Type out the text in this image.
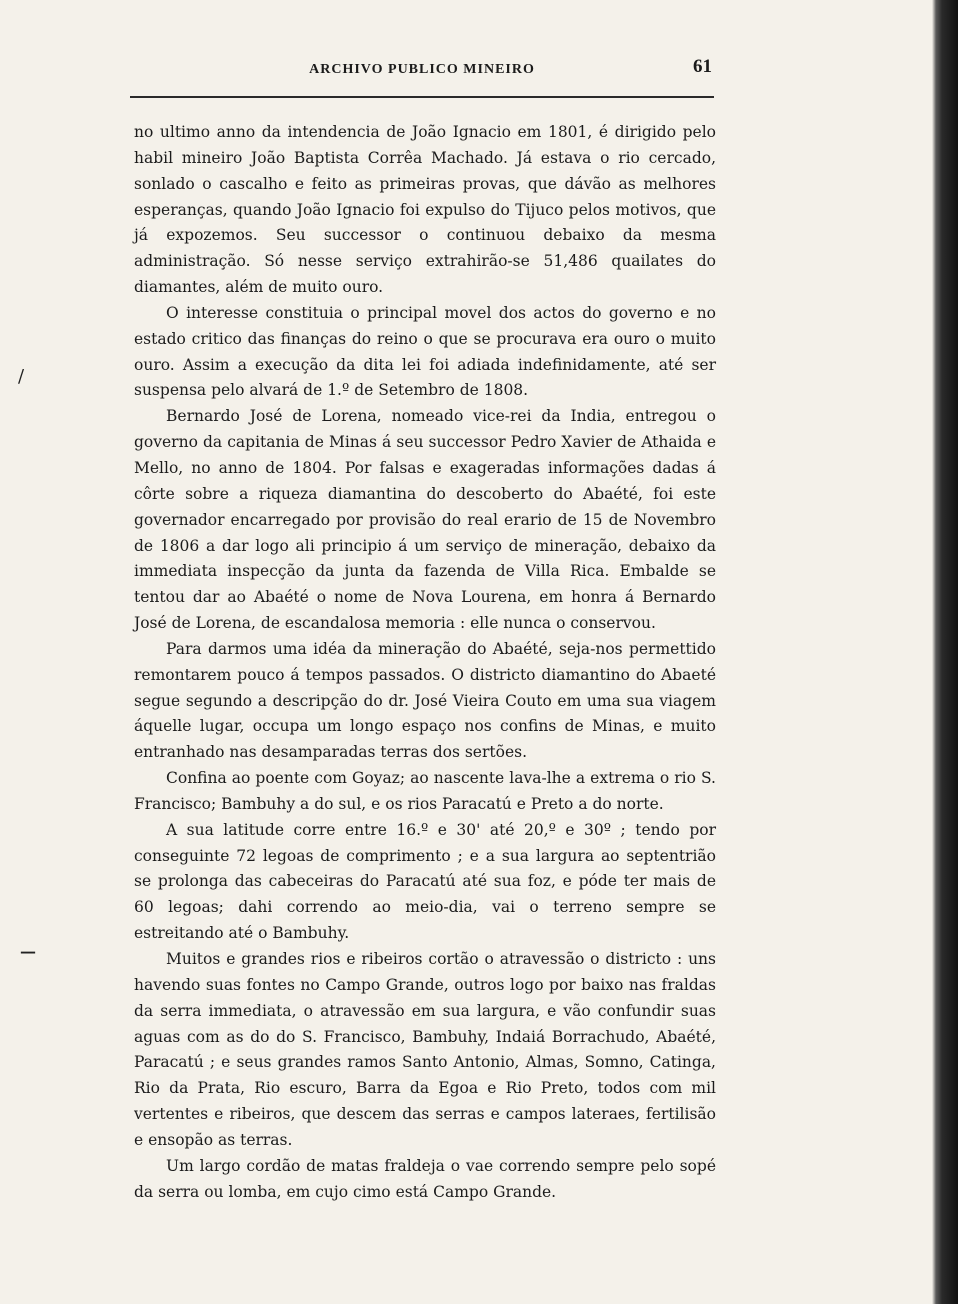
/
—
ARCHIVO PUBLICO MINEIRO	61

no ultimo anno da intendencia de João Ignacio em 1801, é dirigido pelo habil mineiro João Baptista Corrêa Machado. Já estava o rio cercado, sonlado o cascalho e feito as primeiras provas, que dávão as melhores esperanças, quando João Ignacio foi expulso do Tijuco pelos motivos, que já expozemos. Seu successor o continuou debaixo da mesma administração. Só nesse serviço extrahirão-se 51,486 quailates do diamantes, além de muito ouro.

O interesse constituia o principal movel dos actos do governo e no estado critico das finanças do reino o que se procurava era ouro o muito ouro. Assim a execução da dita lei foi adiada indefinidamente, até ser suspensa pelo alvará de 1.º de Setembro de 1808.

Bernardo José de Lorena, nomeado vice-rei da India, entregou o governo da capitania de Minas á seu successor Pedro Xavier de Athaida e Mello, no anno de 1804. Por falsas e exageradas informações dadas á côrte sobre a riqueza diamantina do descoberto do Abaété, foi este governador encarregado por provisão do real erario de 15 de Novembro de 1806 a dar logo ali principio á um serviço de mineração, debaixo da immediata inspecção da junta da fazenda de Villa Rica. Embalde se tentou dar ao Abaété o nome de Nova Lourena, em honra á Bernardo José de Lorena, de escandalosa memoria : elle nunca o conservou.

Para darmos uma idéa da mineração do Abaété, seja-nos permettido remontarem pouco á tempos passados. O districto diamantino do Abaeté segue segundo a descripção do dr. José Vieira Couto em uma sua viagem áquelle lugar, occupa um longo espaço nos confins de Minas, e muito entranhado nas desamparadas terras dos sertões.

Confina ao poente com Goyaz; ao nascente lava-lhe a extrema o rio S. Francisco; Bambuhy a do sul, e os rios Paracatú e Preto a do norte.

A sua latitude corre entre 16.º e 30' até 20,º e 30º ; tendo por conseguinte 72 legoas de comprimento ; e a sua largura ao septentrião se prolonga das cabeceiras do Paracatú até sua foz, e póde ter mais de 60 legoas; dahi correndo ao meio-dia, vai o terreno sempre se estreitando até o Bambuhy.

Muitos e grandes rios e ribeiros cortão o atravessão o districto : uns havendo suas fontes no Campo Grande, outros logo por baixo nas fraldas da serra immediata, o atravessão em sua largura, e vão confundir suas aguas com as do do S. Francisco, Bambuhy, Indaiá Borrachudo, Abaété, Paracatú ; e seus grandes ramos Santo Antonio, Almas, Somno, Catinga, Rio da Prata, Rio escuro, Barra da Egoa e Rio Preto, todos com mil vertentes e ribeiros, que descem das serras e campos lateraes, fertilisão e ensopão as terras.

Um largo cordão de matas fraldeja o vae correndo sempre pelo sopé da serra ou lomba, em cujo cimo está Campo Grande.
